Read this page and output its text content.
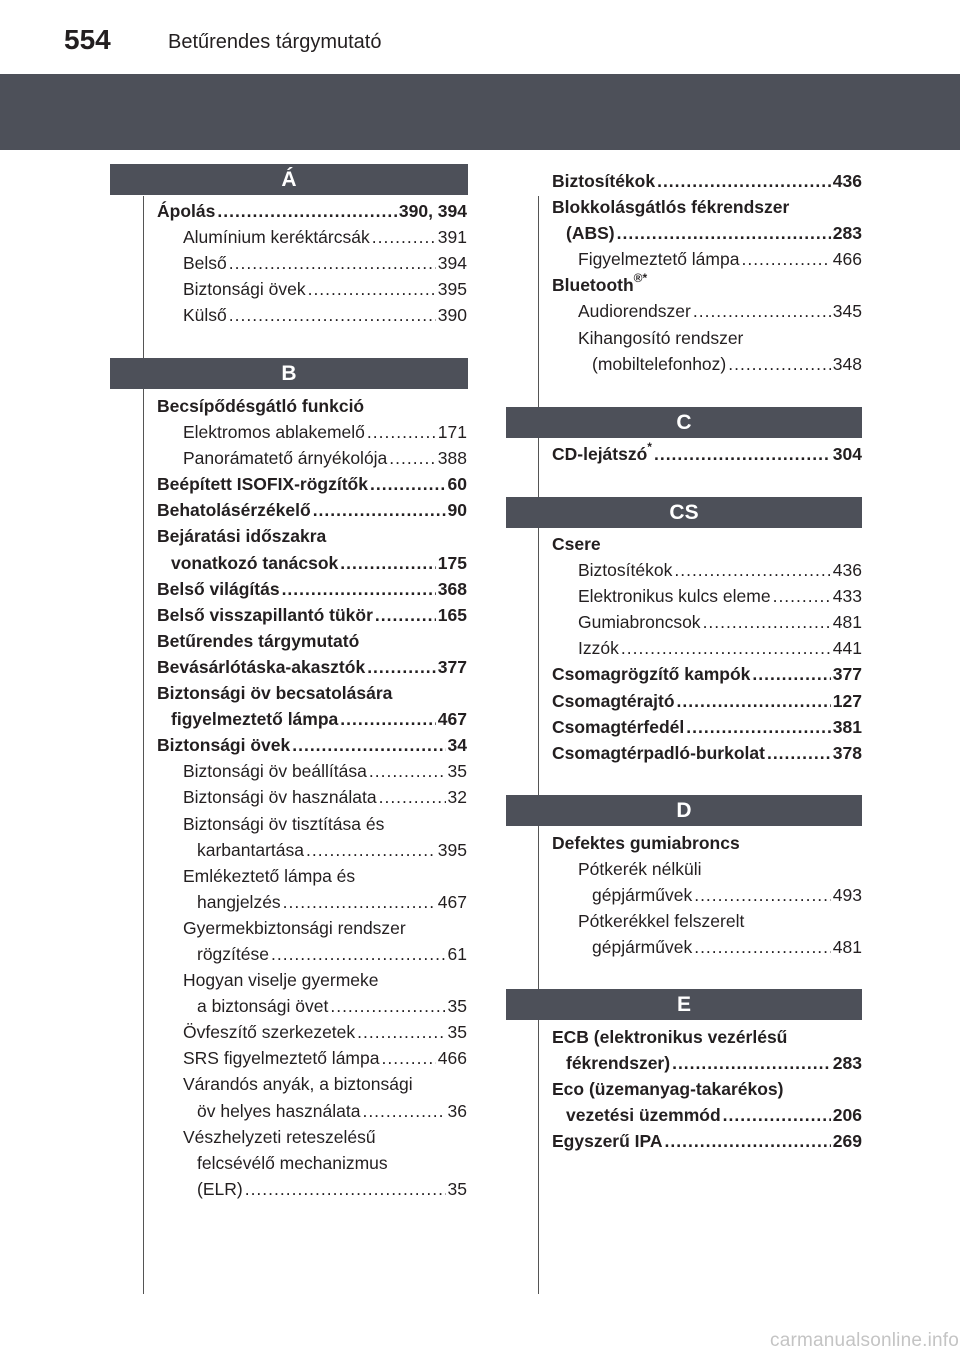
554	Betűrendes tárgymutató
Á
Ápolás .....	390, 394
Alumínium keréktárcsák .....	391
Belső .....	394
Biztonsági övek .....	395
Külső .....	390
B
Becsípődésgátló funkció
Elektromos ablakemelő .....	171
Panorámatető árnyékolója .....	388
Beépített ISOFIX-rögzítők .....	60
Behatolásérzékelő .....	90
Bejáratási időszakra
vonatkozó tanácsok .....	175
Belső világítás .....	368
Belső visszapillantó tükör .....	165
Betűrendes tárgymutató
Bevásárlótáska-akasztók .....	377
Biztonsági öv becsatolására
figyelmeztető lámpa .....	467
Biztonsági övek .....	34
Biztonsági öv beállítása .....	35
Biztonsági öv használata .....	32
Biztonsági öv tisztítása és
karbantartása .....	395
Emlékeztető lámpa és
hangjelzés .....	467
Gyermekbiztonsági rendszer
rögzítése .....	61
Hogyan viselje gyermeke
a biztonsági övet .....	35
Övfeszítő szerkezetek .....	35
SRS figyelmeztető lámpa .....	466
Várandós anyák, a biztonsági
öv helyes használata .....	36
Vészhelyzeti reteszelésű
felcsévélő mechanizmus
(ELR) .....	35
Biztosítékok .....	436
Blokkolásgátlós fékrendszer
(ABS) .....	283
Figyelmeztető lámpa .....	466
Bluetooth®*
Audiorendszer .....	345
Kihangosító rendszer
(mobiltelefonhoz) .....	348
C
CD-lejátszó* .....	304
CS
Csere
Biztosítékok .....	436
Elektronikus kulcs eleme .....	433
Gumiabroncsok .....	481
Izzók .....	441
Csomagrögzítő kampók .....	377
Csomagtérajtó .....	127
Csomagtérfedél .....	381
Csomagtérpadló-burkolat .....	378
D
Defektes gumiabroncs
Pótkerék nélküli
gépjárművek .....	493
Pótkerékkel felszerelt
gépjárművek .....	481
E
ECB (elektronikus vezérlésű
fékrendszer) .....	283
Eco (üzemanyag-takarékos)
vezetési üzemmód .....	206
Egyszerű IPA .....	269
carmanualsonline.info
